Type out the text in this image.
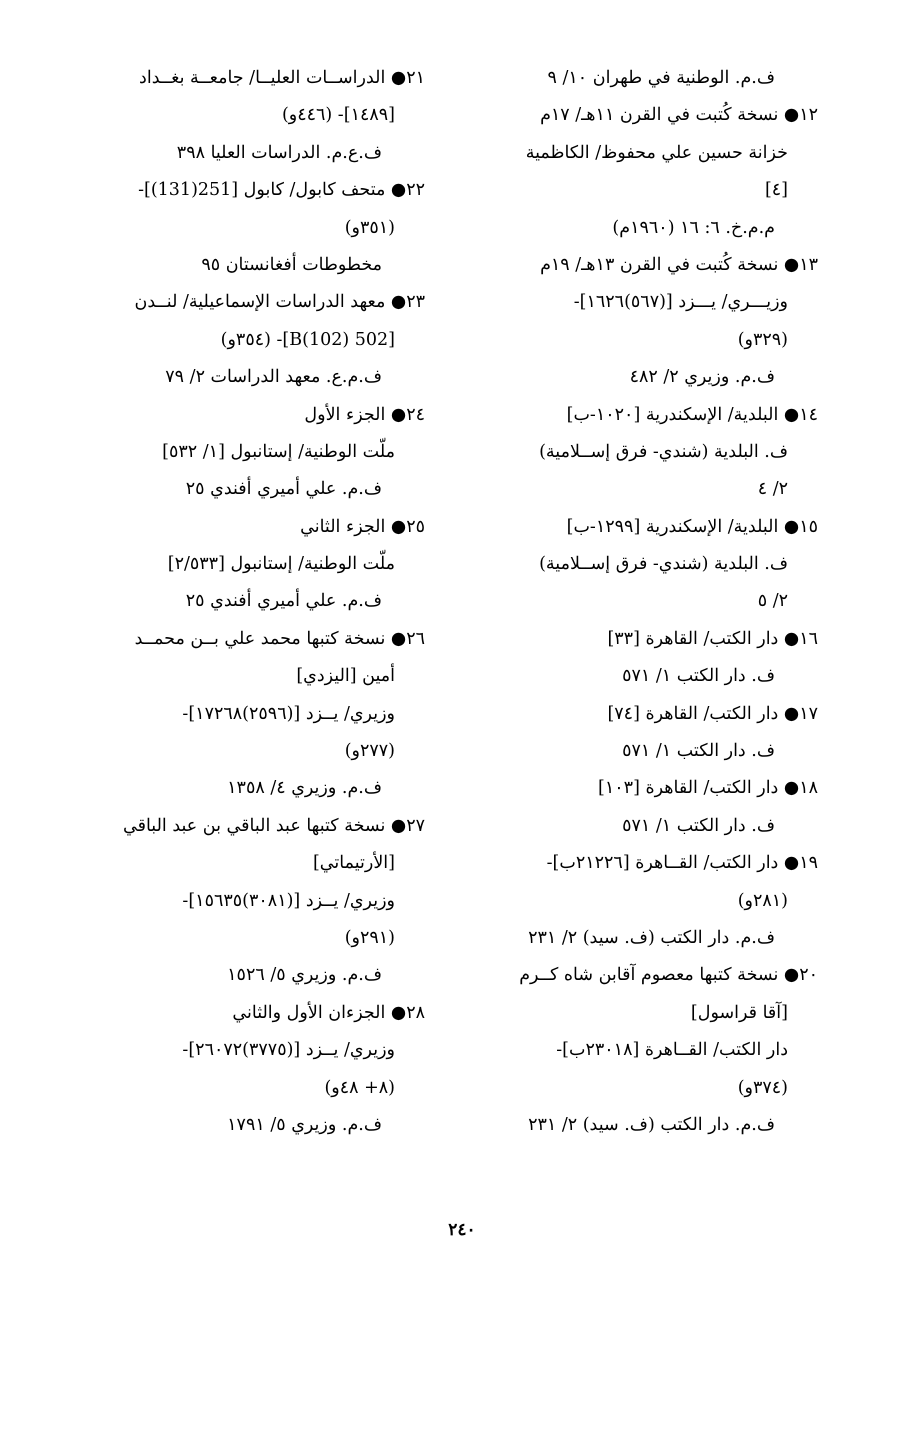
ف.م. الوطنية في طهران ١٠/ ٩
١٢● نسخة كُتبت في القرن ١١هـ/ ١٧م
خزانة حسين علي محفوظ/ الكاظمية
[٤]
م.م.خ. ٦: ١٦ (١٩٦٠م)
١٣● نسخة كُتبت في القرن ١٣هـ/ ١٩م
وزيـــري/ يـــزد [(٥٦٧)١٦٢٦]-
(٣٢٩و)
ف.م. وزيري ٢/ ٤٨٢
١٤● البلدية/ الإسكندرية [١٠٢٠-ب]
ف. البلدية (شندي- فرق إســلامية)
٢/ ٤
١٥● البلدية/ الإسكندرية [١٢٩٩-ب]
ف. البلدية (شندي- فرق إســلامية)
٢/ ٥
١٦● دار الكتب/ القاهرة [٣٣]
ف. دار الكتب ١/ ٥٧١
١٧● دار الكتب/ القاهرة [٧٤]
ف. دار الكتب ١/ ٥٧١
١٨● دار الكتب/ القاهرة [١٠٣]
ف. دار الكتب ١/ ٥٧١
١٩● دار الكتب/ القــاهرة [٢١٢٢٦ب]-
(٢٨١و)
ف.م. دار الكتب (ف. سيد) ٢/ ٢٣١
٢٠● نسخة كتبها معصوم آقابن شاه كــرم
[آقا قراسول]
دار الكتب/ القــاهرة [٢٣٠١٨ب]-
(٣٧٤و)
ف.م. دار الكتب (ف. سيد) ٢/ ٢٣١
٢١● الدراســات العليــا/ جامعــة بغــداد
[١٤٨٩]- (٤٤٦و)
ف.ع.م. الدراسات العليا ٣٩٨
٢٢● متحف كابول/ كابول [251(131)]-
(٣٥١و)
مخطوطات أفغانستان ٩٥
٢٣● معهد الدراسات الإسماعيلية/ لنــدن
[502 B(102)]- (٣٥٤و)
ف.م.ع. معهد الدراسات ٢/ ٧٩
٢٤● الجزء الأول
ملّت الوطنية/ إستانبول [١/ ٥٣٢]
ف.م. علي أميري أفندي ٢٥
٢٥● الجزء الثاني
ملّت الوطنية/ إستانبول [٢/٥٣٣]
ف.م. علي أميري أفندي ٢٥
٢٦● نسخة كتبها محمد علي بــن محمــد
أمين [اليزدي]
وزيري/ يــزد [(٢٥٩٦)١٧٢٦٨]-
(٢٧٧و)
ف.م. وزيري ٤/ ١٣٥٨
٢٧● نسخة كتبها عبد الباقي بن عبد الباقي
[الأرتيماتي]
وزيري/ يــزد [(٣٠٨١)١٥٦٣٥]-
(٢٩١و)
ف.م. وزيري ٥/ ١٥٢٦
٢٨● الجزءان الأول والثاني
وزيري/ يــزد [(٣٧٧٥)٢٦٠٧٢]-
(٨+ ٤٨و)
ف.م. وزيري ٥/ ١٧٩١
٢٤٠
